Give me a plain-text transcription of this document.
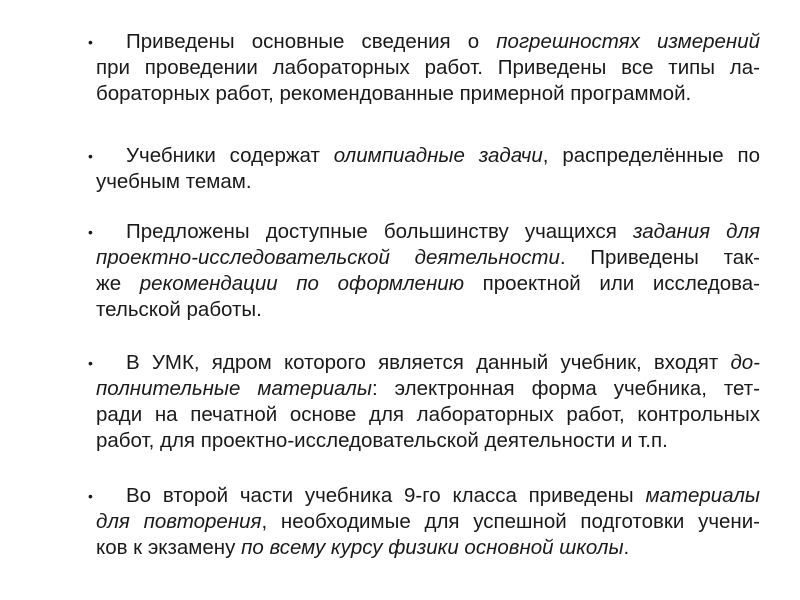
•	Приведены основные сведения о погрешностях измерений
при проведении лабораторных работ. Приведены все типы ла-
бораторных работ, рекомендованные примерной программой.
•	Учебники содержат олимпиадные задачи, распределённые по
учебным темам.
•	Предложены доступные большинству учащихся задания для
проектно-исследовательской деятельности. Приведены так-
же рекомендации по оформлению проектной или исследова-
тельской работы.
•	В УМК, ядром которого является данный учебник, входят до-
полнительные материалы: электронная форма учебника, тет-
ради на печатной основе для лабораторных работ, контрольных
работ, для проектно-исследовательской деятельности и т.п.
•	Во второй части учебника 9-го класса приведены материалы
для повторения, необходимые для успешной подготовки учени-
ков к экзамену по всему курсу физики основной школы.
